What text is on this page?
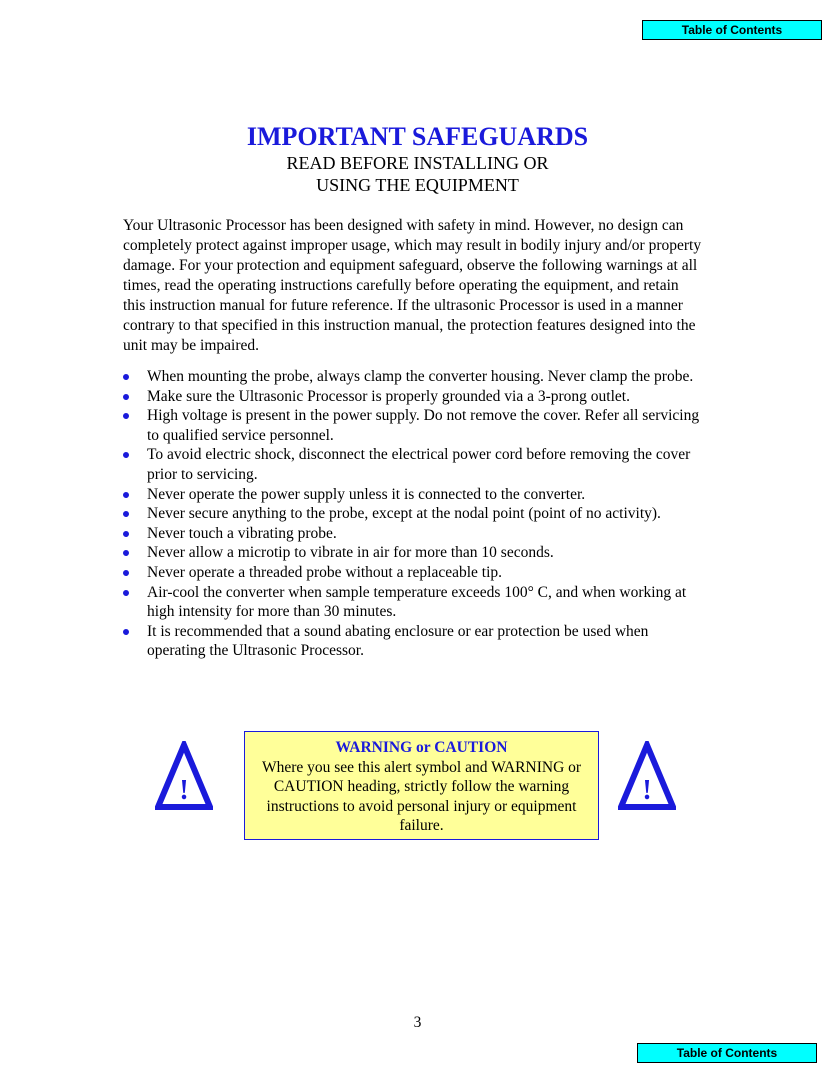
Table of Contents
IMPORTANT SAFEGUARDS
READ BEFORE INSTALLING OR
USING THE EQUIPMENT

Your Ultrasonic Processor has been designed with safety in mind. However, no design can completely protect against improper usage, which may result in bodily injury and/or property damage. For your protection and equipment safeguard, observe the following warnings at all times, read the operating instructions carefully before operating the equipment, and retain this instruction manual for future reference. If the ultrasonic Processor is used in a manner contrary to that specified in this instruction manual, the protection features designed into the unit may be impaired.

When mounting the probe, always clamp the converter housing. Never clamp the probe.
Make sure the Ultrasonic Processor is properly grounded via a 3-prong outlet.
High voltage is present in the power supply. Do not remove the cover. Refer all servicing to qualified service personnel.
To avoid electric shock, disconnect the electrical power cord before removing the cover prior to servicing.
Never operate the power supply unless it is connected to the converter.
Never secure anything to the probe, except at the nodal point (point of no activity).
Never touch a vibrating probe.
Never allow a microtip to vibrate in air for more than 10 seconds.
Never operate a threaded probe without a replaceable tip.
Air-cool the converter when sample temperature exceeds 100° C, and when working at high intensity for more than 30 minutes.
It is recommended that a sound abating enclosure or ear protection be used when operating the Ultrasonic Processor.
!
WARNING or CAUTION
Where you see this alert symbol and WARNING or CAUTION heading, strictly follow the warning instructions to avoid personal injury or equipment failure.
!
3
Table of Contents
